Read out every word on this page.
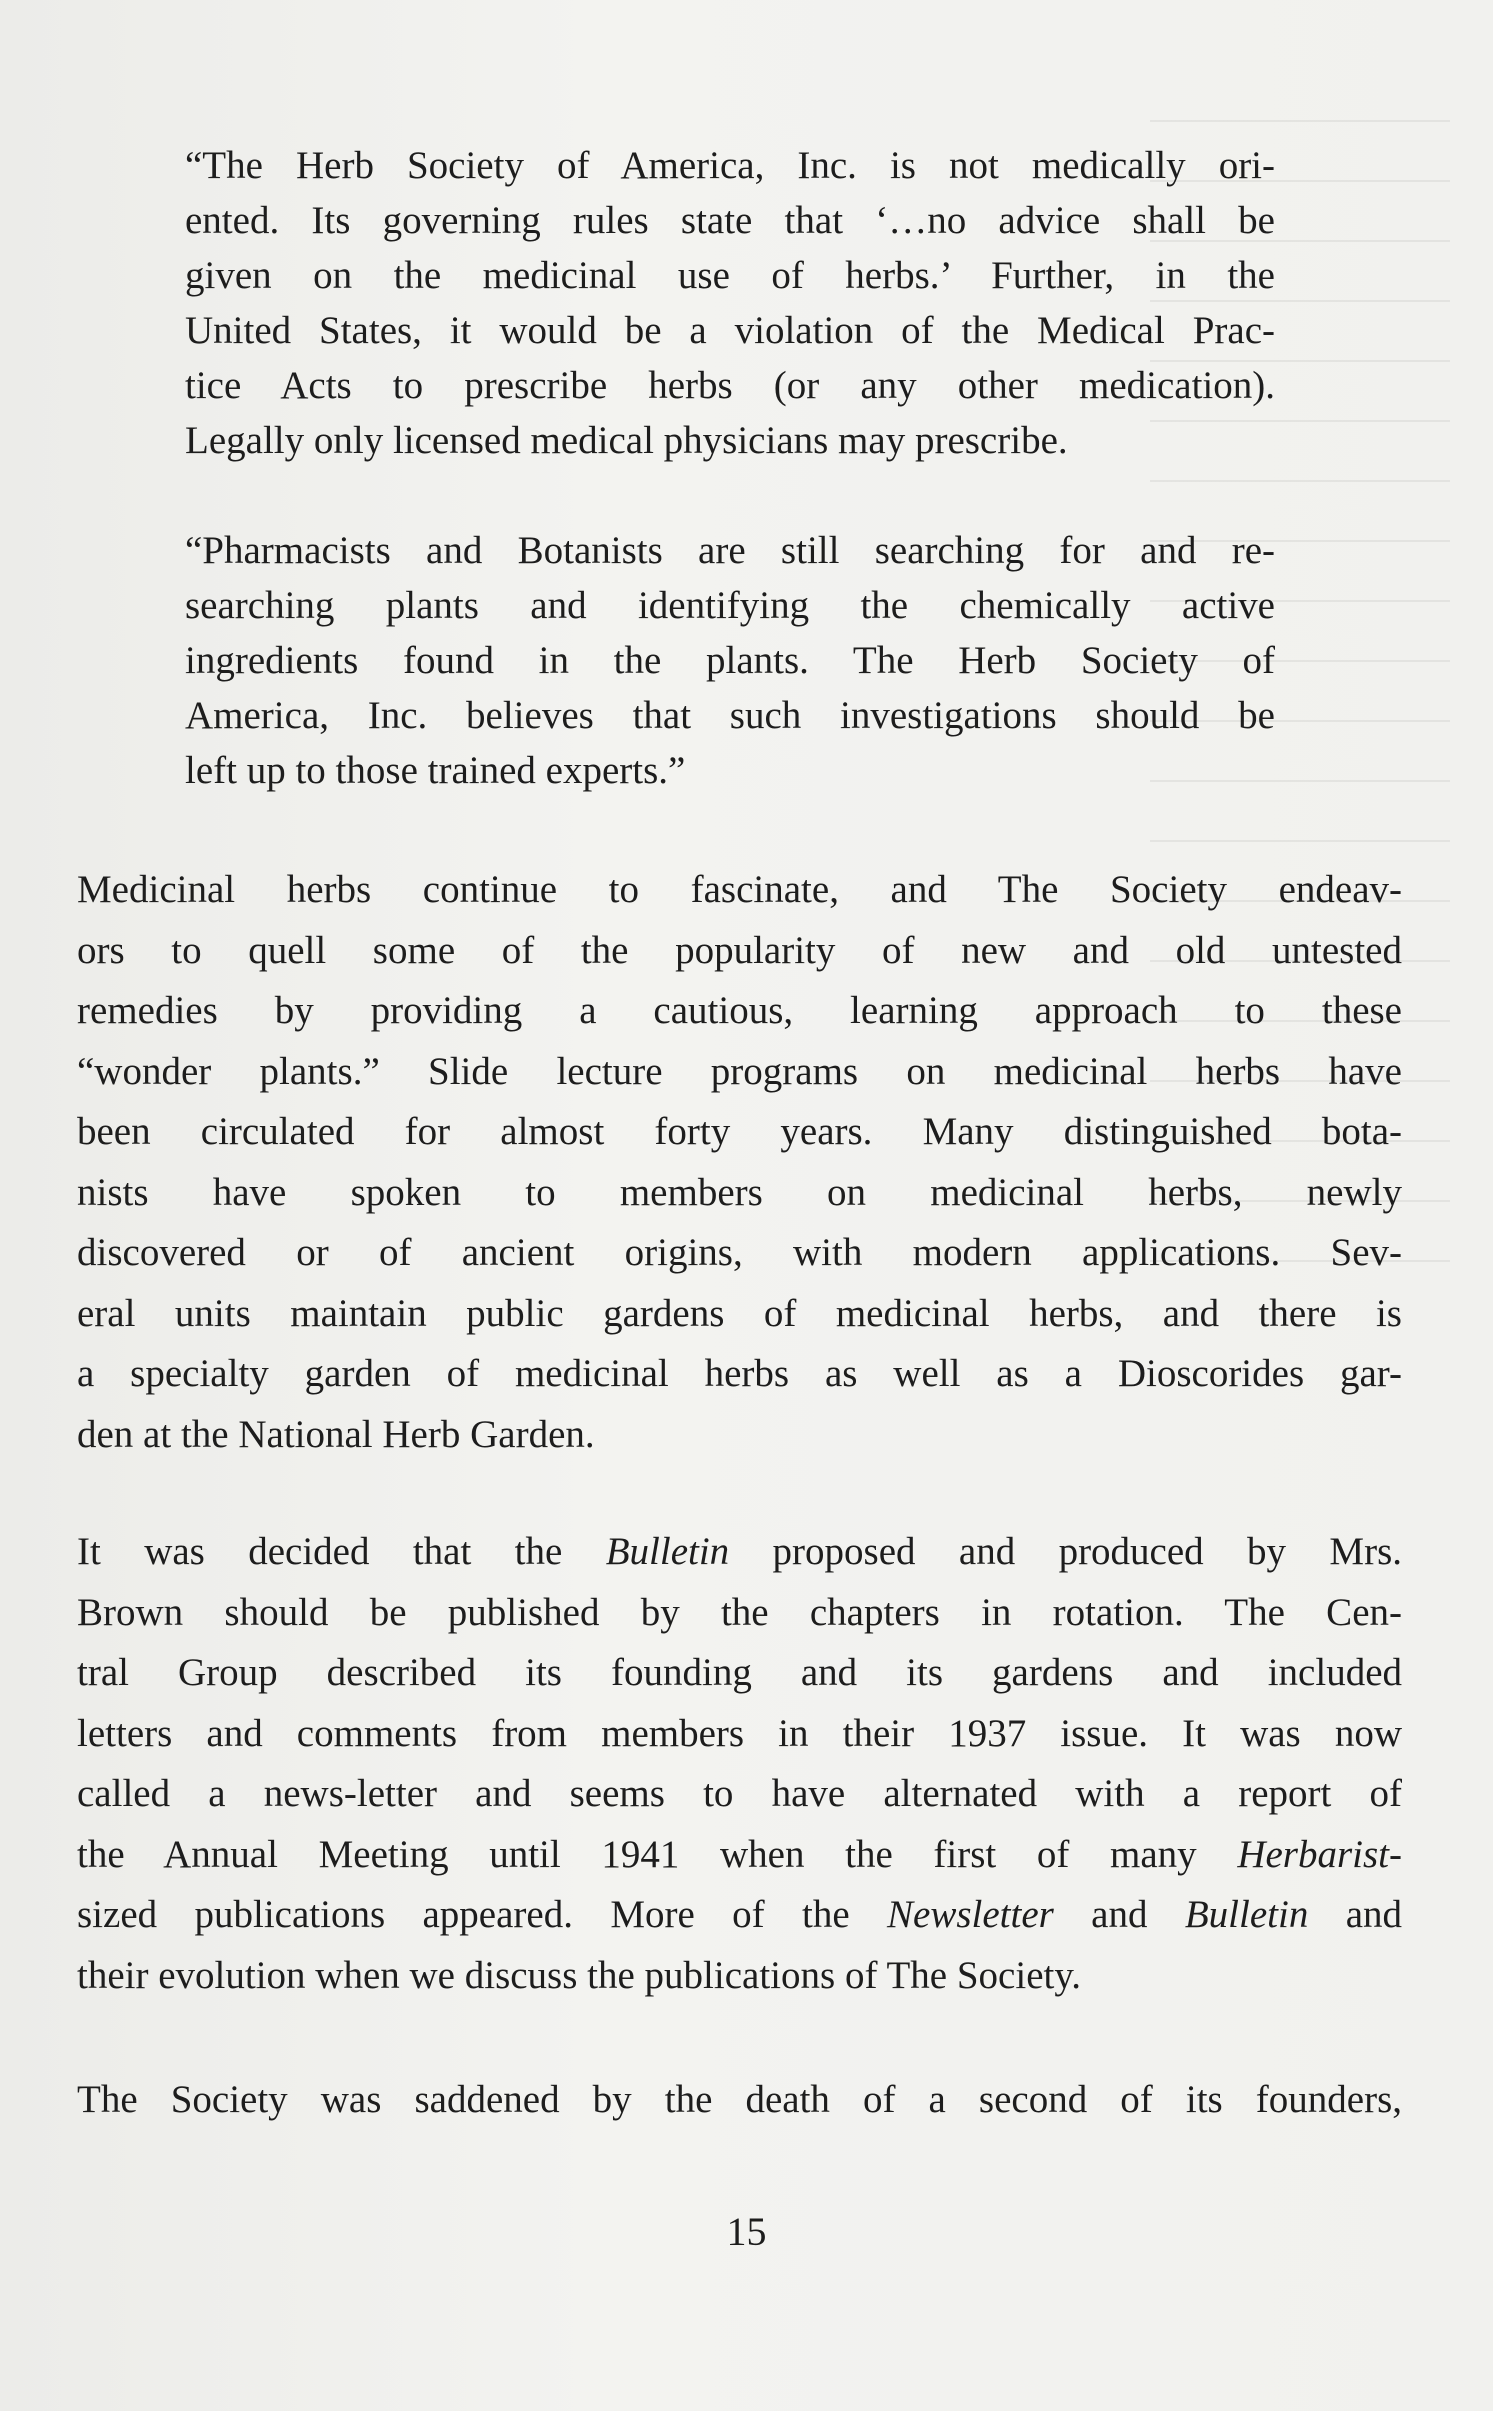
“The Herb Society of America, Inc. is not medically ori-
ented. Its governing rules state that ‘…no advice shall be
given on the medicinal use of herbs.’ Further, in the
United States, it would be a violation of the Medical Prac-
tice Acts to prescribe herbs (or any other medication).
Legally only licensed medical physicians may prescribe.

“Pharmacists and Botanists are still searching for and re-
searching plants and identifying the chemically active
ingredients found in the plants. The Herb Society of
America, Inc. believes that such investigations should be
left up to those trained experts.”

Medicinal herbs continue to fascinate, and The Society endeav-
ors to quell some of the popularity of new and old untested
remedies by providing a cautious, learning approach to these
“wonder plants.” Slide lecture programs on medicinal herbs have
been circulated for almost forty years. Many distinguished bota-
nists have spoken to members on medicinal herbs, newly
discovered or of ancient origins, with modern applications. Sev-
eral units maintain public gardens of medicinal herbs, and there is
a specialty garden of medicinal herbs as well as a Dioscorides gar-
den at the National Herb Garden.

It was decided that the Bulletin proposed and produced by Mrs.
Brown should be published by the chapters in rotation. The Cen-
tral Group described its founding and its gardens and included
letters and comments from members in their 1937 issue. It was now
called a news-letter and seems to have alternated with a report of
the Annual Meeting until 1941 when the first of many Herbarist-
sized publications appeared. More of the Newsletter and Bulletin and
their evolution when we discuss the publications of The Society.

The Society was saddened by the death of a second of its founders,

15
